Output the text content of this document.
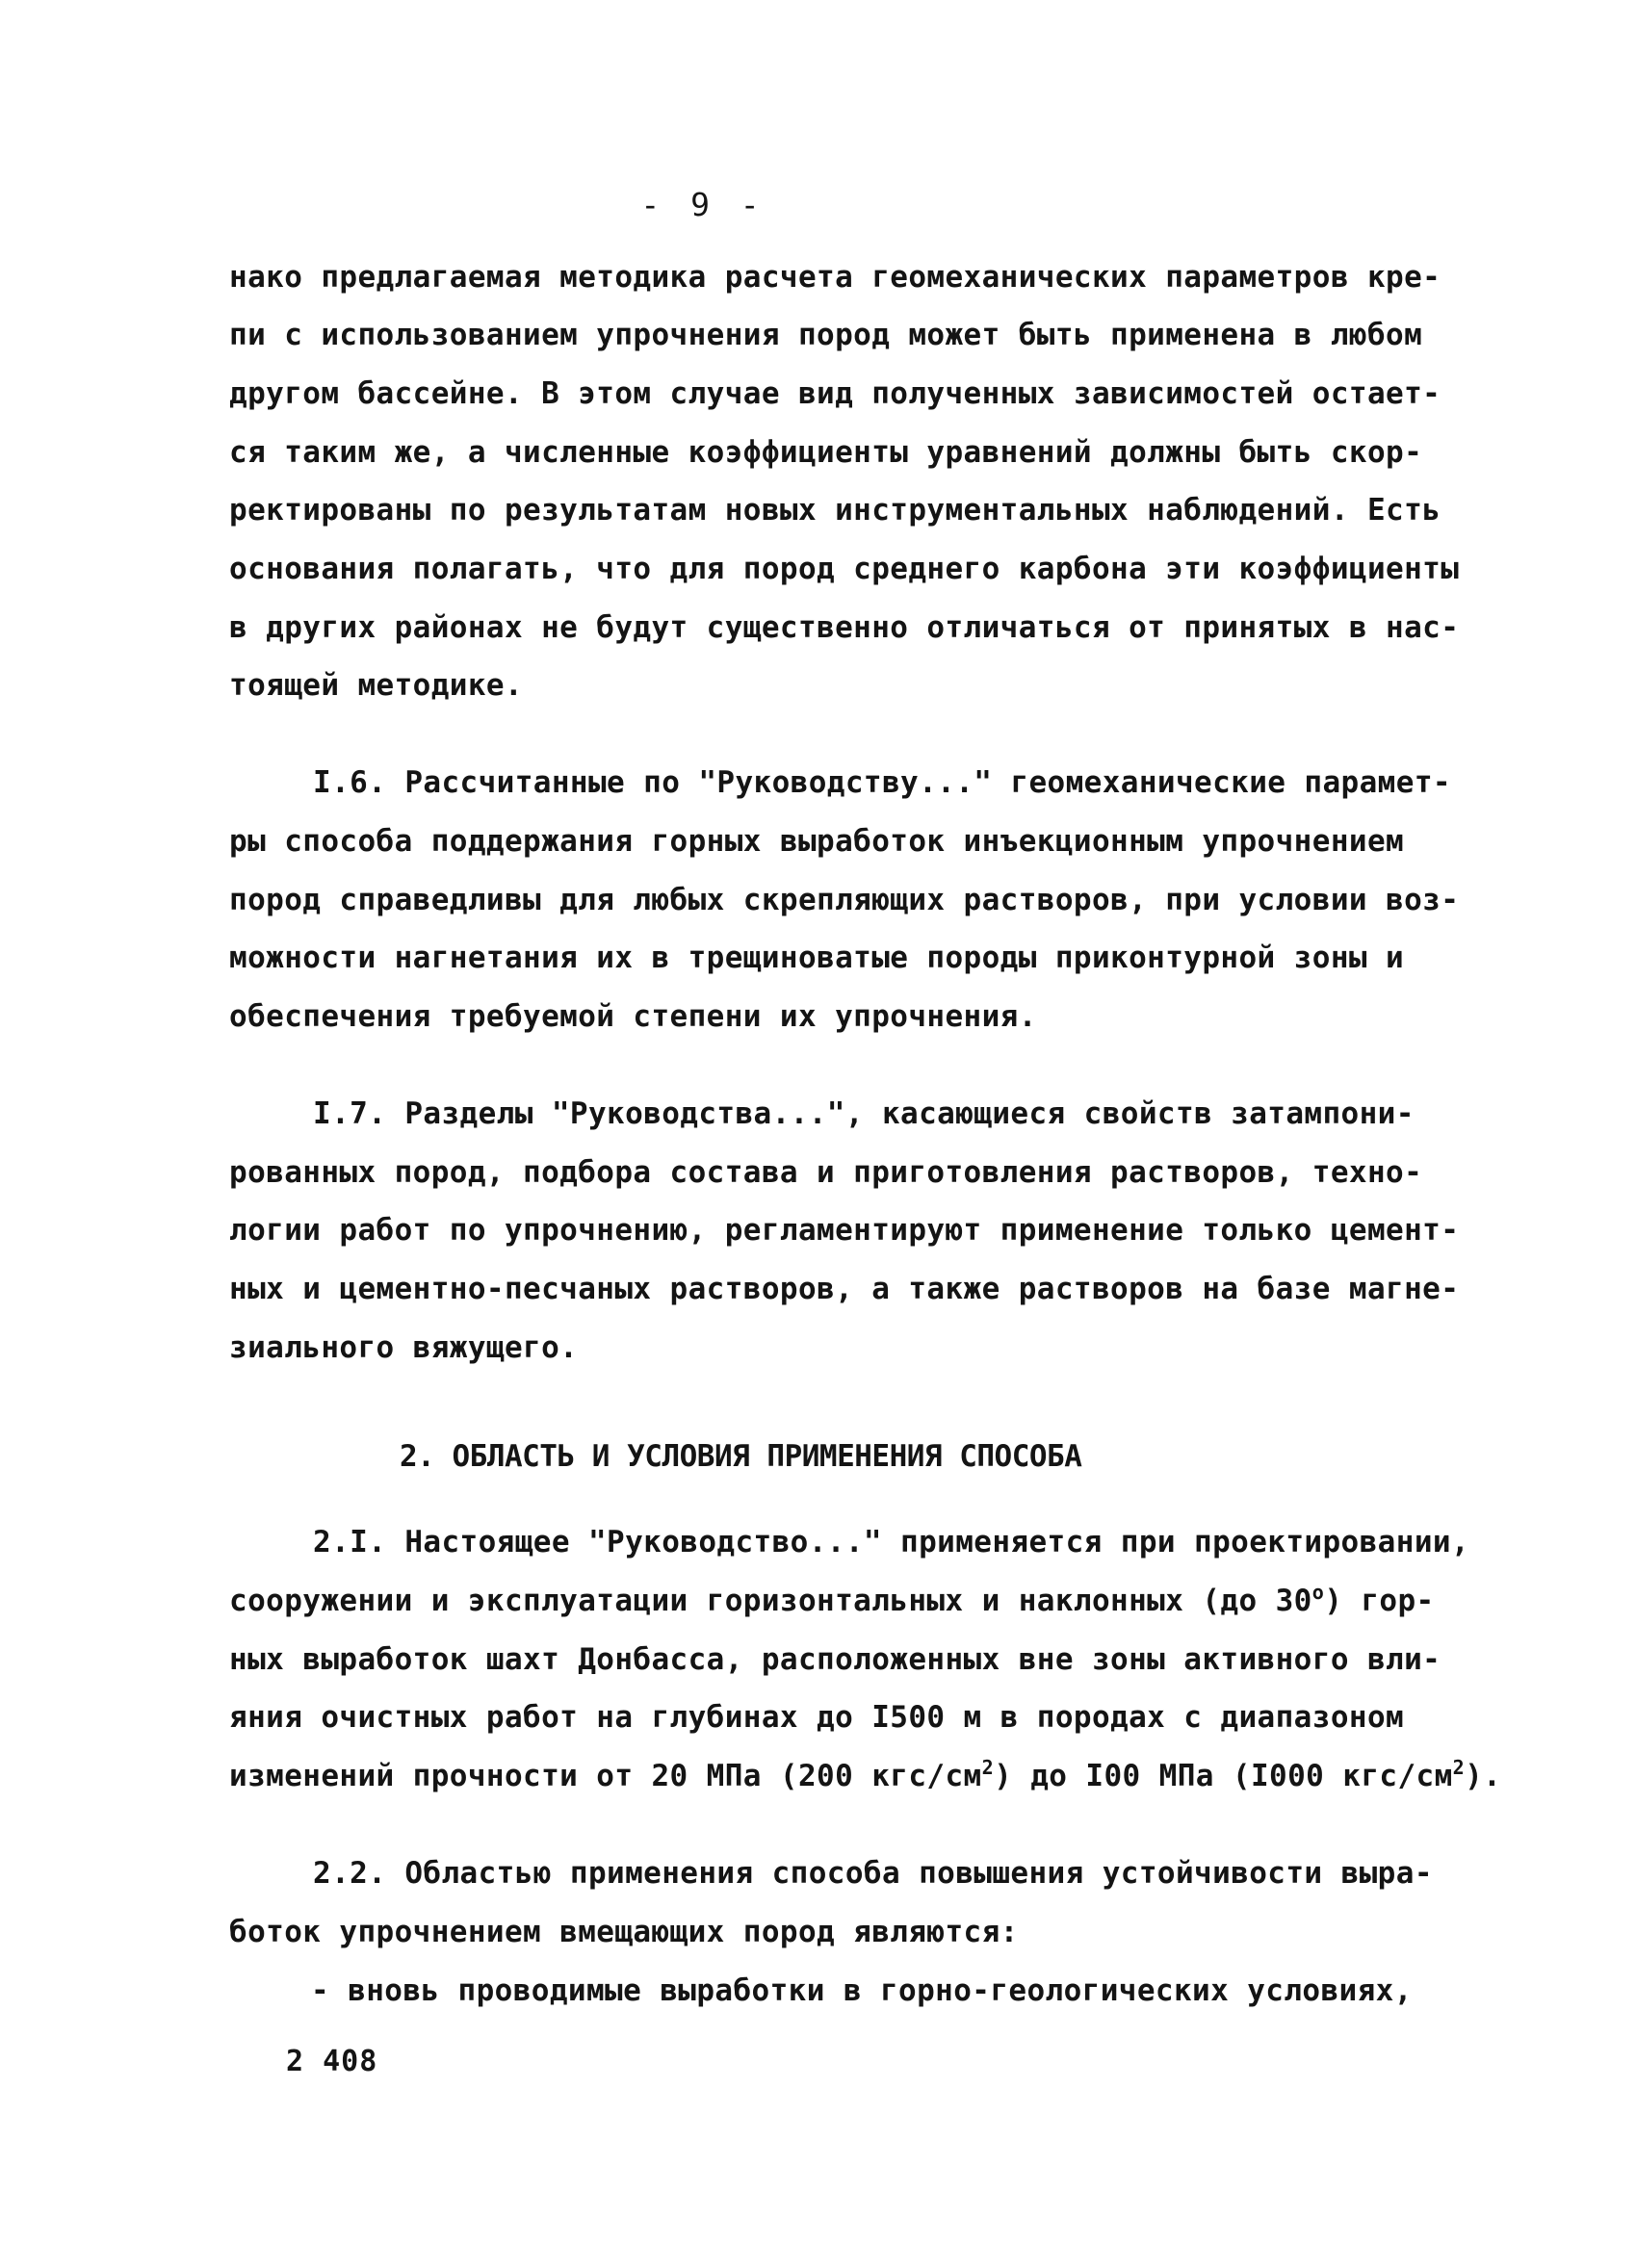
- 9 -
нако предлагаемая методика расчета геомеханических параметров кре-
пи с использованием упрочнения пород может быть применена в любом
другом бассейне. В этом случае вид полученных зависимостей остает-
ся таким же, а численные коэффициенты уравнений должны быть скор-
ректированы по результатам новых инструментальных наблюдений. Есть
основания полагать, что для пород среднего карбона эти коэффициенты
в других районах не будут существенно отличаться от принятых в нас-
тоящей методике.
I.6. Рассчитанные по "Руководству..." геомеханические парамет-
ры способа поддержания горных выработок инъекционным упрочнением
пород справедливы для любых скрепляющих растворов, при условии воз-
можности нагнетания их в трещиноватые породы приконтурной зоны и
обеспечения требуемой степени их упрочнения.
I.7. Разделы "Руководства...", касающиеся свойств затампони-
рованных пород, подбора состава и приготовления растворов, техно-
логии работ по упрочнению, регламентируют применение только цемент-
ных и цементно-песчаных растворов, а также растворов на базе магне-
зиального вяжущего.
2. ОБЛАСТЬ И УСЛОВИЯ ПРИМЕНЕНИЯ СПОСОБА
2.I. Настоящее "Руководство..." применяется при проектировании,
сооружении и эксплуатации горизонтальных и наклонных (до $30^о$) гор-
ных выработок шахт Донбасса, расположенных вне зоны активного вли-
яния очистных работ на глубинах до I500 м в породах с диапазоном
изменений прочности от 20 МПа (200 кгс/$см^2$) до I00 МПа (I000 кгс/$см^2$).
2.2. Областью применения способа повышения устойчивости выра-
боток упрочнением вмещающих пород являются:
- вновь проводимые выработки в горно-геологических условиях,
2 408
